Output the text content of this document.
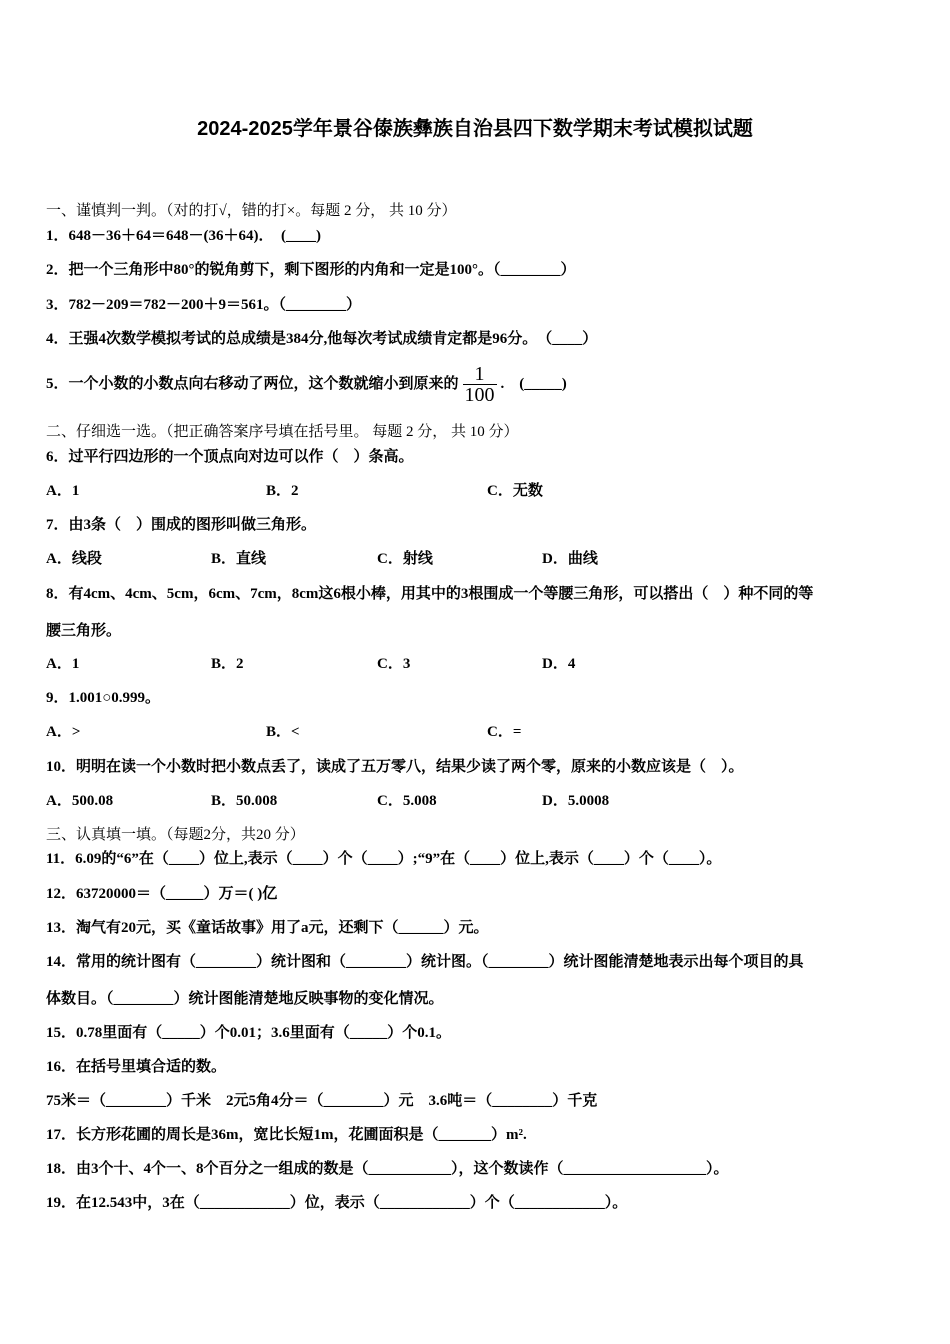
2024-2025学年景谷傣族彝族自治县四下数学期末考试模拟试题
一、谨慎判一判。（对的打√，错的打×。每题 2 分， 共 10 分）
1．648－36＋64＝648－(36＋64)．　(____)
2．把一个三角形中80°的锐角剪下，剩下图形的内角和一定是100°。（________）
3．782－209＝782－200＋9＝561。（________）
4．王强4次数学模拟考试的总成绩是384分,他每次考试成绩肯定都是96分。　（____）
5．一个小数的小数点向右移动了两位，这个数就缩小到原来的 $\frac{1}{100}$ .　(_____)
二、仔细选一选。（把正确答案序号填在括号里。 每题 2 分， 共 10 分）
6．过平行四边形的一个顶点向对边可以作（　）条高。
A．1	B．2	C．无数
7．由3条（　）围成的图形叫做三角形。
A．线段	B．直线	C．射线	D．曲线
8．有4cm、4cm、5cm，6cm、7cm，8cm这6根小棒，用其中的3根围成一个等腰三角形，可以搭出（　）种不同的等
腰三角形。
A．1	B．2	C．3	D．4
9．1.001○0.999。
A．>	B．<	C．=
10．明明在读一个小数时把小数点丢了，读成了五万零八，结果少读了两个零，原来的小数应该是（　）。
A．500.08	B．50.008	C．5.008	D．5.0008
三、认真填一填。（每题2分，共20 分）
11．6.09的“6”在（____）位上,表示（____）个（____）;“9”在（____）位上,表示（____）个（____）。
12．63720000＝（_____）万＝( )亿
13．淘气有20元，买《童话故事》用了a元，还剩下（______）元。
14．常用的统计图有（________）统计图和（________）统计图。（________）统计图能清楚地表示出每个项目的具
体数目。（________）统计图能清楚地反映事物的变化情况。
15．0.78里面有（_____）个0.01；3.6里面有（_____）个0.1。
16．在括号里填合适的数。
75米＝（________）千米　2元5角4分＝（________）元　3.6吨＝（________）千克
17．长方形花圃的周长是36m，宽比长短1m，花圃面积是（_______）m².
18．由3个十、4个一、8个百分之一组成的数是（___________），这个数读作（___________________）。
19．在12.543中，3在（____________）位，表示（____________）个（____________）。
